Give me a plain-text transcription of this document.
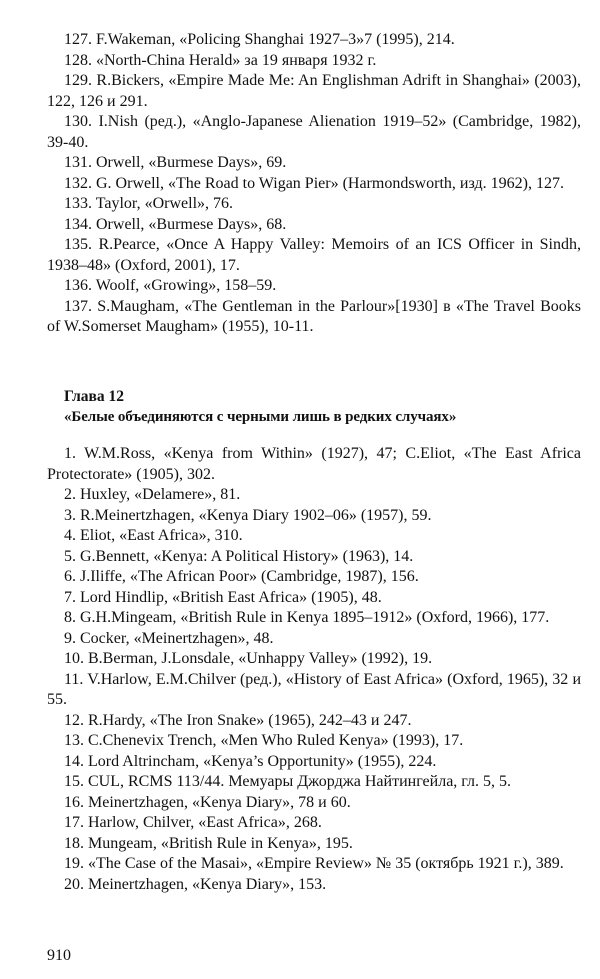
127. F.Wakeman, «Policing Shanghai 1927–3»7 (1995), 214.

128. «North-China Herald» за 19 января 1932 г.

129. R.Bickers, «Empire Made Me: An Englishman Adrift in Shanghai» (2003), 122, 126 и 291.

130. I.Nish (ред.), «Anglo-Japanese Alienation 1919–52» (Cambridge, 1982), 39-40.

131. Orwell, «Burmese Days», 69.

132. G. Orwell, «The Road to Wigan Pier» (Harmondsworth, изд. 1962), 127.

133. Taylor, «Orwell», 76.

134. Orwell, «Burmese Days», 68.

135. R.Pearce, «Once A Happy Valley: Memoirs of an ICS Officer in Sindh, 1938–48» (Oxford, 2001), 17.

136. Woolf, «Growing», 158–59.

137. S.Maugham, «The Gentleman in the Parlour»[1930] в «The Travel Books of W.Somerset Maugham» (1955), 10-11.

Глава 12

«Белые объединяются с черными лишь в редких случаях»

1. W.M.Ross, «Kenya from Within» (1927), 47; C.Eliot, «The East Africa Protectorate» (1905), 302.

2. Huxley, «Delamere», 81.

3. R.Meinertzhagen, «Kenya Diary 1902–06» (1957), 59.

4. Eliot, «East Africa», 310.

5. G.Bennett, «Kenya: A Political History» (1963), 14.

6. J.Iliffe, «The African Poor» (Cambridge, 1987), 156.

7. Lord Hindlip, «British East Africa» (1905), 48.

8. G.H.Mingeam, «British Rule in Kenya 1895–1912» (Oxford, 1966), 177.

9. Cocker, «Meinertzhagen», 48.

10. B.Berman, J.Lonsdale, «Unhappy Valley» (1992), 19.

11. V.Harlow, E.M.Chilver (ред.), «History of East Africa» (Oxford, 1965), 32 и 55.

12. R.Hardy, «The Iron Snake» (1965), 242–43 и 247.

13. C.Chenevix Trench, «Men Who Ruled Kenya» (1993), 17.

14. Lord Altrincham, «Kenya’s Opportunity» (1955), 224.

15. CUL, RCMS 113/44. Мемуары Джорджа Найтингейла, гл. 5, 5.

16. Meinertzhagen, «Kenya Diary», 78 и 60.

17. Harlow, Chilver, «East Africa», 268.

18. Mungeam, «British Rule in Kenya», 195.

19. «The Case of the Masai», «Empire Review» № 35 (октябрь 1921 г.), 389.

20. Meinertzhagen, «Kenya Diary», 153.

910
